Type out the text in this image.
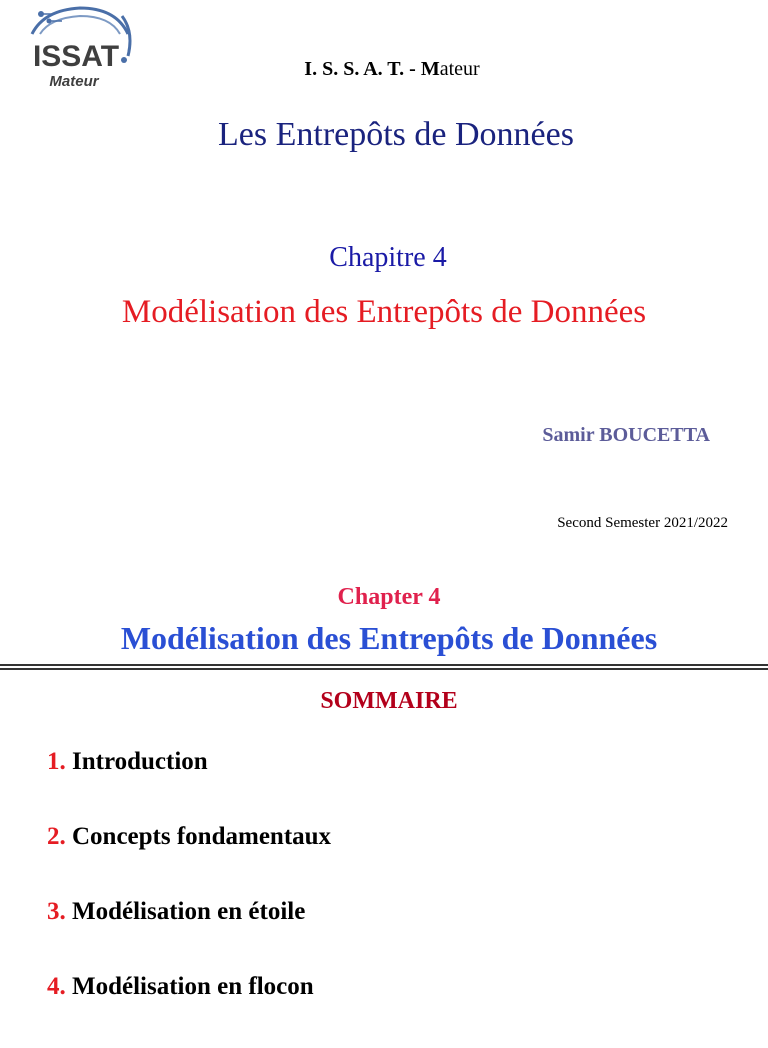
ISSAT
Mateur
I. S. S. A. T. - Mateur
Les Entrepôts de Données
Chapitre 4
Modélisation des Entrepôts de Données
Samir BOUCETTA
Second Semester 2021/2022
Chapter 4
Modélisation des Entrepôts de Données
SOMMAIRE
1. Introduction
2. Concepts fondamentaux
3. Modélisation en étoile
4. Modélisation en flocon
